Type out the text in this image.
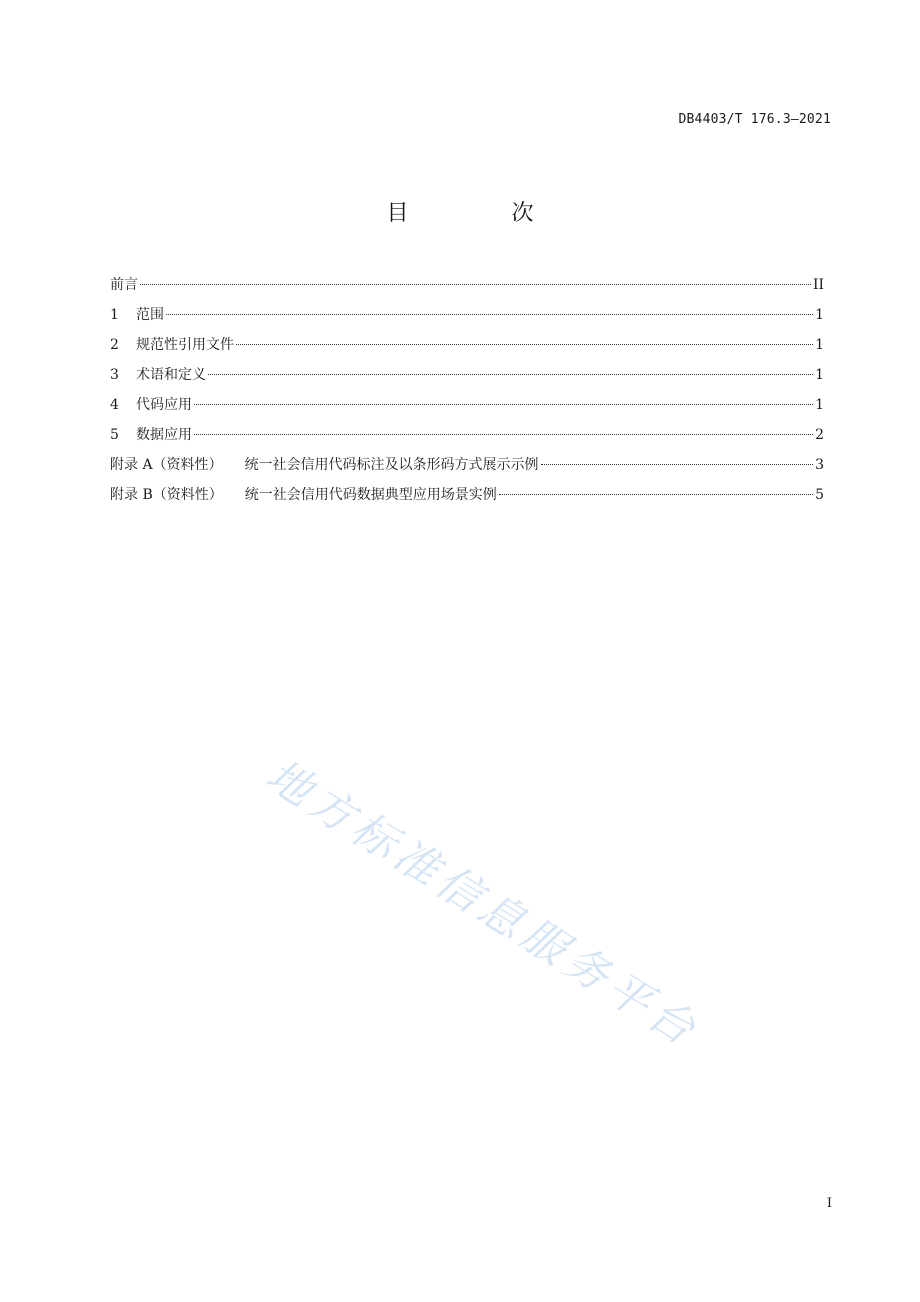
DB4403/T 176.3—2021
目 次
前言	II
1	范围	1
2	规范性引用文件	1
3	术语和定义	1
4	代码应用	1
5	数据应用	2
附录 A（资料性） 统一社会信用代码标注及以条形码方式展示示例	3
附录 B（资料性） 统一社会信用代码数据典型应用场景实例	5
地方标准信息服务平台
I
